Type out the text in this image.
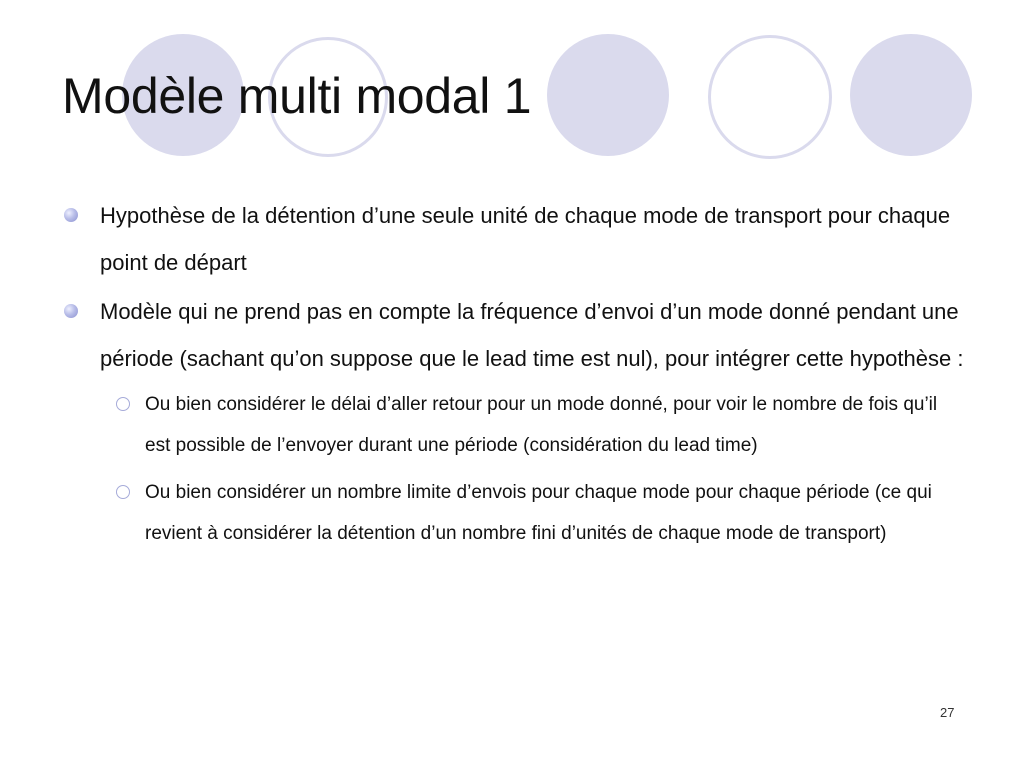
Modèle multi modal 1
Hypothèse de la détention d’une seule unité de chaque mode de transport pour chaque point de départ
Modèle qui ne prend pas en compte la fréquence d’envoi d’un mode donné pendant une période (sachant qu’on suppose que le lead time est nul), pour intégrer cette hypothèse :
Ou bien considérer le délai d’aller retour pour un mode donné, pour voir le nombre de fois qu’il est possible de l’envoyer durant une période (considération du lead time)
Ou bien considérer un nombre limite d’envois pour chaque mode pour chaque période (ce qui revient à considérer la détention d’un nombre fini d’unités de chaque mode de transport)
27
